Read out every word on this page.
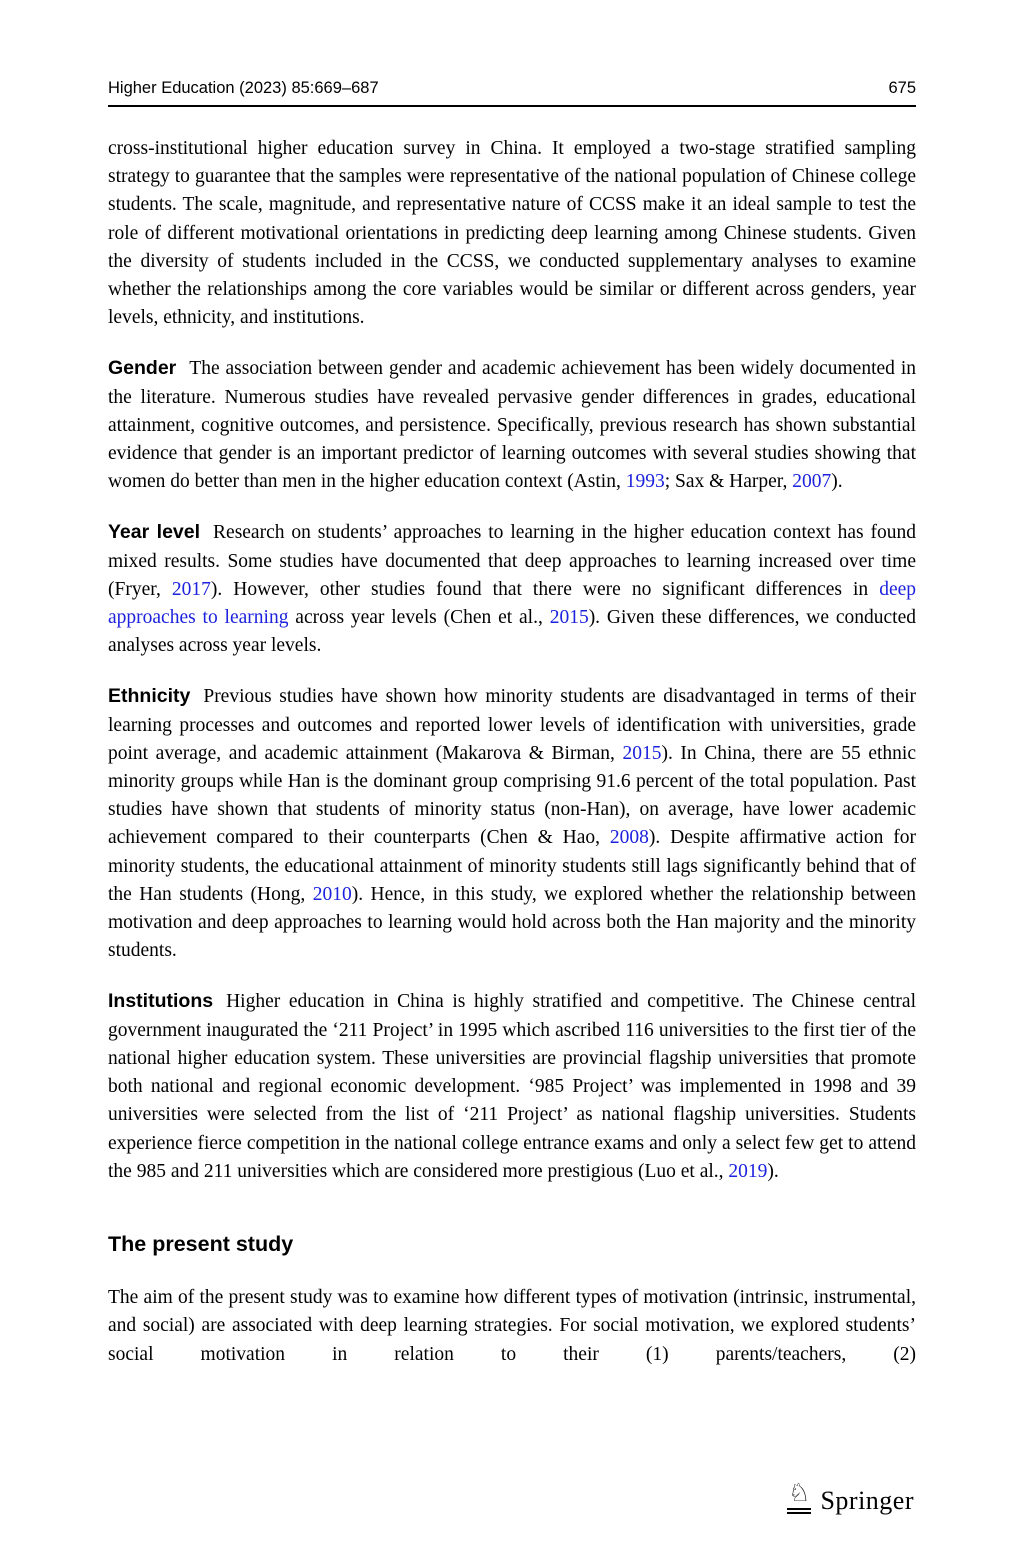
Higher Education (2023) 85:669–687	675

cross-institutional higher education survey in China. It employed a two-stage stratified sampling strategy to guarantee that the samples were representative of the national population of Chinese college students. The scale, magnitude, and representative nature of CCSS make it an ideal sample to test the role of different motivational orientations in predicting deep learning among Chinese students. Given the diversity of students included in the CCSS, we conducted supplementary analyses to examine whether the relationships among the core variables would be similar or different across genders, year levels, ethnicity, and institutions.

Gender The association between gender and academic achievement has been widely documented in the literature. Numerous studies have revealed pervasive gender differences in grades, educational attainment, cognitive outcomes, and persistence. Specifically, previous research has shown substantial evidence that gender is an important predictor of learning outcomes with several studies showing that women do better than men in the higher education context (Astin, 1993; Sax & Harper, 2007).

Year level Research on students’ approaches to learning in the higher education context has found mixed results. Some studies have documented that deep approaches to learning increased over time (Fryer, 2017). However, other studies found that there were no significant differences in deep approaches to learning across year levels (Chen et al., 2015). Given these differences, we conducted analyses across year levels.

Ethnicity Previous studies have shown how minority students are disadvantaged in terms of their learning processes and outcomes and reported lower levels of identification with universities, grade point average, and academic attainment (Makarova & Birman, 2015). In China, there are 55 ethnic minority groups while Han is the dominant group comprising 91.6 percent of the total population. Past studies have shown that students of minority status (non-Han), on average, have lower academic achievement compared to their counterparts (Chen & Hao, 2008). Despite affirmative action for minority students, the educational attainment of minority students still lags significantly behind that of the Han students (Hong, 2010). Hence, in this study, we explored whether the relationship between motivation and deep approaches to learning would hold across both the Han majority and the minority students.

Institutions Higher education in China is highly stratified and competitive. The Chinese central government inaugurated the ‘211 Project’ in 1995 which ascribed 116 universities to the first tier of the national higher education system. These universities are provincial flagship universities that promote both national and regional economic development. ‘985 Project’ was implemented in 1998 and 39 universities were selected from the list of ‘211 Project’ as national flagship universities. Students experience fierce competition in the national college entrance exams and only a select few get to attend the 985 and 211 universities which are considered more prestigious (Luo et al., 2019).

The present study

The aim of the present study was to examine how different types of motivation (intrinsic, instrumental, and social) are associated with deep learning strategies. For social motivation, we explored students’ social motivation in relation to their (1) parents/teachers, (2)

♘ Springer
